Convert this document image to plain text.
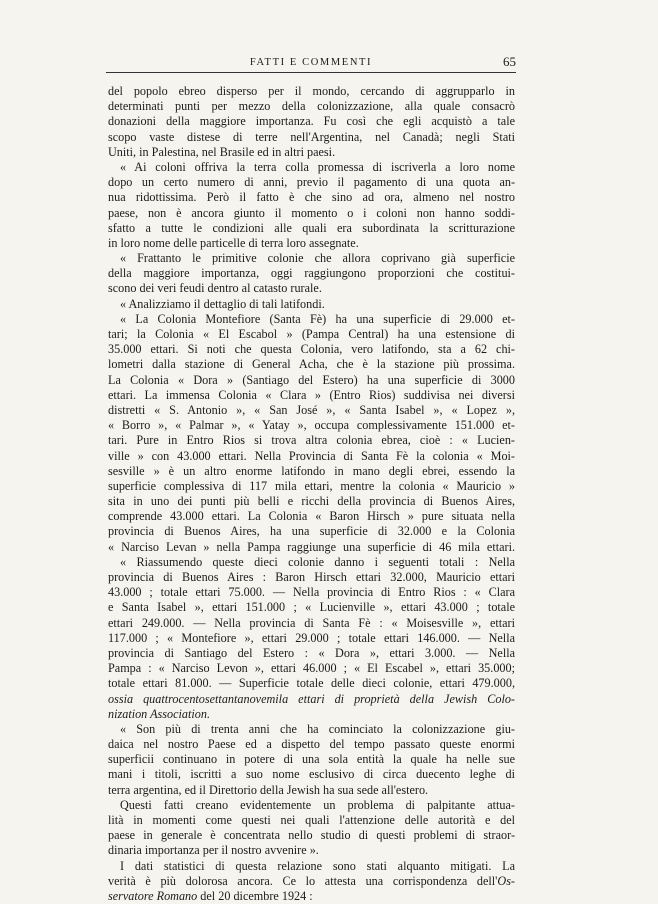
FATTI E COMMENTI	65
del popolo ebreo disperso per il mondo, cercando di aggrupparlo in
determinati punti per mezzo della colonizzazione, alla quale consacrò
donazioni della maggiore importanza. Fu così che egli acquistò a tale
scopo vaste distese di terre nell'Argentina, nel Canadà; negli Stati
Uniti, in Palestina, nel Brasile ed in altri paesi.
« Ai coloni offriva la terra colla promessa di iscriverla a loro nome
dopo un certo numero di anni, previo il pagamento di una quota an-
nua ridottissima. Però il fatto è che sino ad ora, almeno nel nostro
paese, non è ancora giunto il momento o i coloni non hanno soddi-
sfatto a tutte le condizioni alle quali era subordinata la scritturazione
in loro nome delle particelle di terra loro assegnate.
« Frattanto le primitive colonie che allora coprivano già superficie
della maggiore importanza, oggi raggiungono proporzioni che costitui-
scono dei veri feudi dentro al catasto rurale.
« Analizziamo il dettaglio di tali latifondi.
« La Colonia Montefiore (Santa Fè) ha una superficie di 29.000 et-
tari; la Colonia « El Escabol » (Pampa Central) ha una estensione di
35.000 ettari. Si noti che questa Colonia, vero latifondo, sta a 62 chi-
lometri dalla stazione di General Acha, che è la stazione più prossima.
La Colonia « Dora » (Santiago del Estero) ha una superficie di 3000
ettari. La immensa Colonia « Clara » (Entro Rios) suddivisa nei diversi
distretti « S. Antonio », « San José », « Santa Isabel », « Lopez »,
« Borro », « Palmar », « Yatay », occupa complessivamente 151.000 et-
tari. Pure in Entro Rios si trova altra colonia ebrea, cioè : « Lucien-
ville » con 43.000 ettari. Nella Provincia di Santa Fè la colonia « Moi-
sesville » è un altro enorme latifondo in mano degli ebrei, essendo la
superficie complessiva di 117 mila ettari, mentre la colonia « Mauricio »
sita in uno dei punti più belli e ricchi della provincia di Buenos Aires,
comprende 43.000 ettari. La Colonia « Baron Hirsch » pure situata nella
provincia di Buenos Aires, ha una superficie di 32.000 e la Colonia
« Narciso Levan » nella Pampa raggiunge una superficie di 46 mila ettari.
« Riassumendo queste dieci colonie danno i seguenti totali : Nella
provincia di Buenos Aires : Baron Hirsch ettari 32.000, Mauricio ettari
43.000 ; totale ettari 75.000. — Nella provincia di Entro Rios : « Clara
e Santa Isabel », ettari 151.000 ; « Lucienville », ettari 43.000 ; totale
ettari 249.000. — Nella provincia di Santa Fè : « Moisesville », ettari
117.000 ; « Montefiore », ettari 29.000 ; totale ettari 146.000. — Nella
provincia di Santiago del Estero : « Dora », ettari 3.000. — Nella
Pampa : « Narciso Levon », ettari 46.000 ; « El Escabel », ettari 35.000;
totale ettari 81.000. — Superficie totale delle dieci colonie, ettari 479.000,
ossia quattrocentosettantanovemila ettari di proprietà della Jewish Colo-
nization Association.
« Son più di trenta anni che ha cominciato la colonizzazione giu-
daica nel nostro Paese ed a dispetto del tempo passato queste enormi
superficii continuano in potere di una sola entità la quale ha nelle sue
mani i titoli, iscritti a suo nome esclusivo di circa duecento leghe di
terra argentina, ed il Direttorio della Jewish ha sua sede all'estero.
Questi fatti creano evidentemente un problema di palpitante attua-
lità in momenti come questi nei quali l'attenzione delle autorità e del
paese in generale è concentrata nello studio di questi problemi di straor-
dinaria importanza per il nostro avvenire ».
I dati statistici di questa relazione sono stati alquanto mitigati. La
verità è più dolorosa ancora. Ce lo attesta una corrispondenza dell'Os-
servatore Romano del 20 dicembre 1924 :
